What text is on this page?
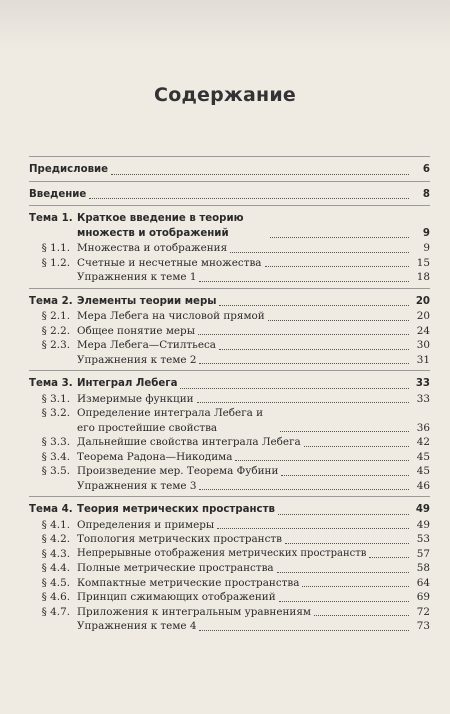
Содержание
Предисловие	6
Введение	8
Тема 1. Краткое введение в теорию множеств и отображений	9
§ 1.1. Множества и отображения	9
§ 1.2. Счетные и несчетные множества	15
Упражнения к теме 1	18
Тема 2. Элементы теории меры	20
§ 2.1. Мера Лебега на числовой прямой	20
§ 2.2. Общее понятие меры	24
§ 2.3. Мера Лебега—Стилтьеса	30
Упражнения к теме 2	31
Тема 3. Интеграл Лебега	33
§ 3.1. Измеримые функции	33
§ 3.2. Определение интеграла Лебега и его простейшие свойства	36
§ 3.3. Дальнейшие свойства интеграла Лебега	42
§ 3.4. Теорема Радона—Никодима	45
§ 3.5. Произведение мер. Теорема Фубини	45
Упражнения к теме 3	46
Тема 4. Теория метрических пространств	49
§ 4.1. Определения и примеры	49
§ 4.2. Топология метрических пространств	53
§ 4.3. Непрерывные отображения метрических пространств	57
§ 4.4. Полные метрические пространства	58
§ 4.5. Компактные метрические пространства	64
§ 4.6. Принцип сжимающих отображений	69
§ 4.7. Приложения к интегральным уравнениям	72
Упражнения к теме 4	73
